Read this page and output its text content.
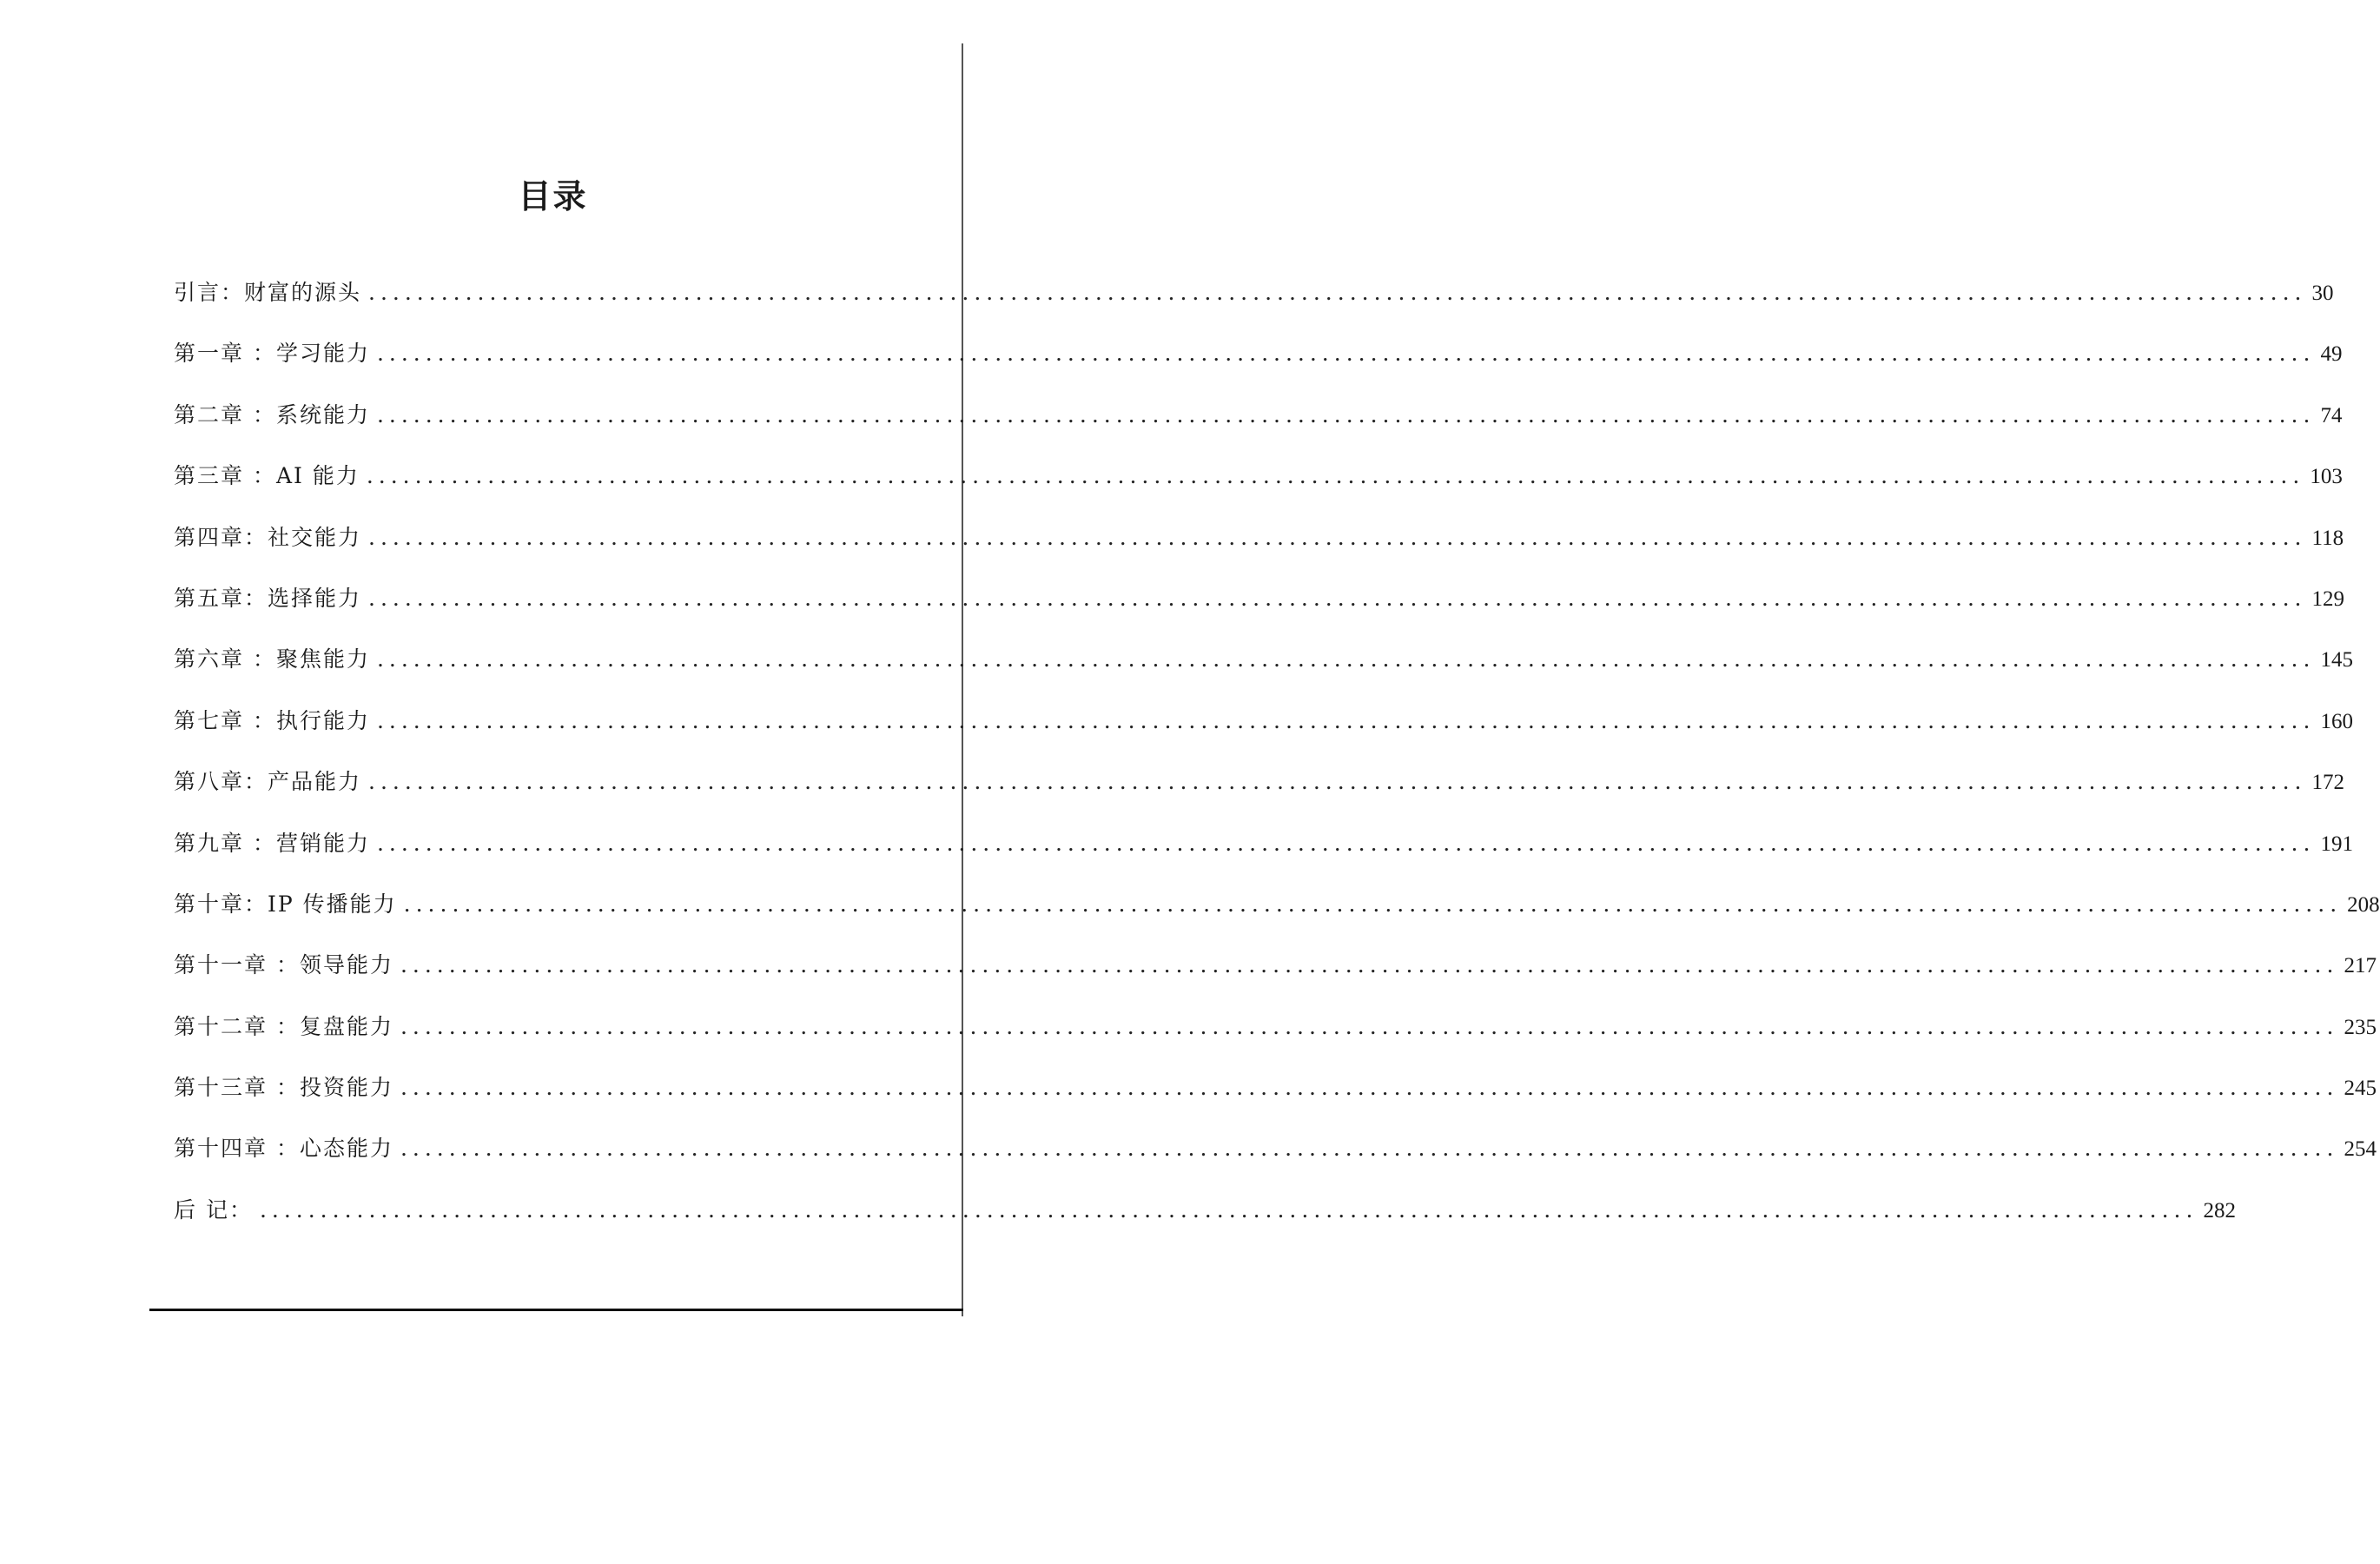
目录
引言：财富的源头 ................................................................................................................................................................ 30
第一章 ：学习能力 ................................................................................................................................................................ 49
第二章 ：系统能力 ................................................................................................................................................................ 74
第三章 ：AI 能力 ................................................................................................................................................................ 103
第四章：社交能力 ................................................................................................................................................................ 118
第五章：选择能力 ................................................................................................................................................................ 129
第六章 ：聚焦能力 ................................................................................................................................................................ 145
第七章 ：执行能力 ................................................................................................................................................................ 160
第八章：产品能力 ................................................................................................................................................................ 172
第九章 ：营销能力 ................................................................................................................................................................ 191
第十章：IP 传播能力 ................................................................................................................................................................ 208
第十一章 ：领导能力 ................................................................................................................................................................ 217
第十二章 ：复盘能力 ................................................................................................................................................................ 235
第十三章 ：投资能力 ................................................................................................................................................................ 245
第十四章 ：心态能力 ................................................................................................................................................................ 254
后 记： ................................................................................................................................................................ 282
